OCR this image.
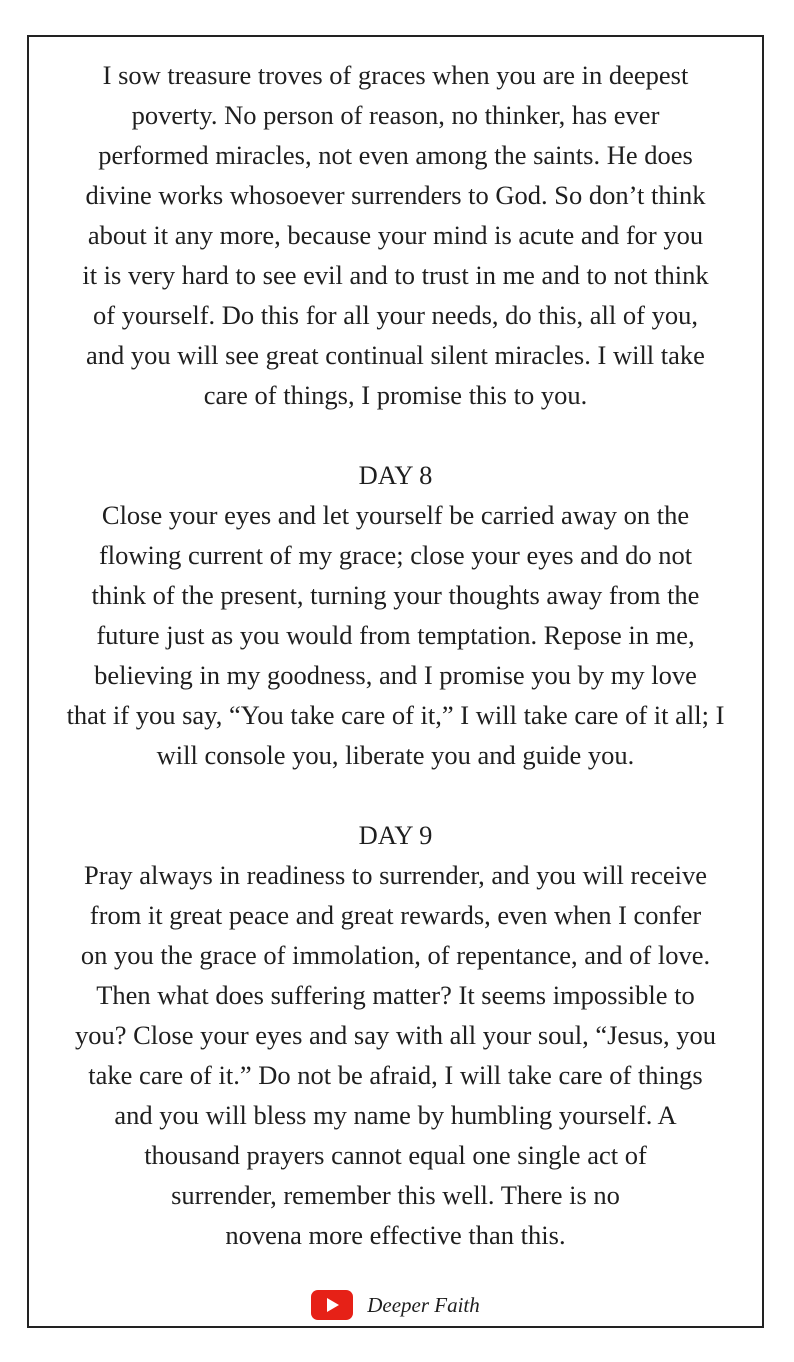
I sow treasure troves of graces when you are in deepest
poverty. No person of reason, no thinker, has ever
performed miracles, not even among the saints. He does
divine works whosoever surrenders to God. So don’t think
about it any more, because your mind is acute and for you
it is very hard to see evil and to trust in me and to not think
of yourself. Do this for all your needs, do this, all of you,
and you will see great continual silent miracles. I will take
care of things, I promise this to you.
DAY 8
Close your eyes and let yourself be carried away on the
flowing current of my grace; close your eyes and do not
think of the present, turning your thoughts away from the
future just as you would from temptation. Repose in me,
believing in my goodness, and I promise you by my love
that if you say, “You take care of it,” I will take care of it all; I
will console you, liberate you and guide you.
DAY 9
Pray always in readiness to surrender, and you will receive
from it great peace and great rewards, even when I confer
on you the grace of immolation, of repentance, and of love.
Then what does suffering matter? It seems impossible to
you? Close your eyes and say with all your soul, “Jesus, you
take care of it.” Do not be afraid, I will take care of things
and you will bless my name by humbling yourself. A
thousand prayers cannot equal one single act of
surrender, remember this well. There is no
novena more effective than this.
Deeper Faith
